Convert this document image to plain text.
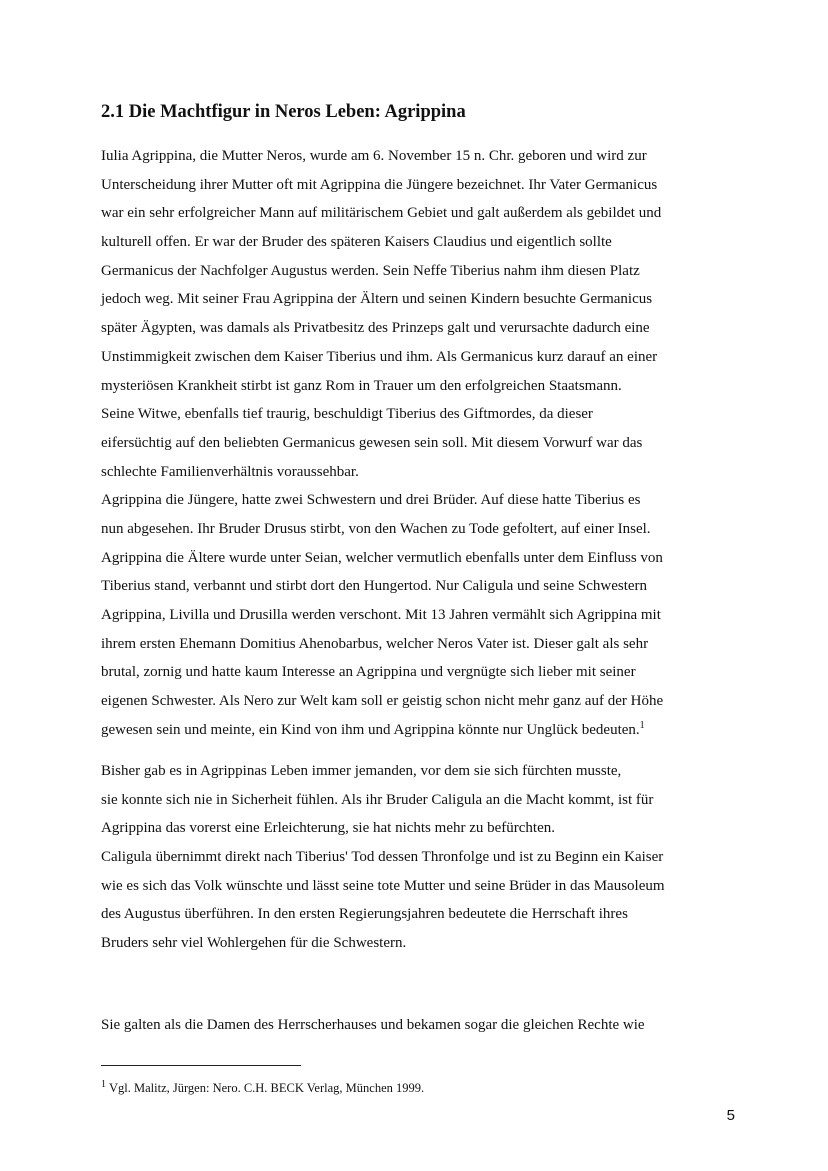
2.1 Die Machtfigur in Neros Leben: Agrippina
Iulia Agrippina, die Mutter Neros, wurde am 6. November 15 n. Chr. geboren und wird zur
Unterscheidung ihrer Mutter oft mit Agrippina die Jüngere bezeichnet. Ihr Vater Germanicus
war ein sehr erfolgreicher Mann auf militärischem Gebiet und galt außerdem als gebildet und
kulturell offen. Er war der Bruder des späteren Kaisers Claudius und eigentlich sollte
Germanicus der Nachfolger Augustus werden. Sein Neffe Tiberius nahm ihm diesen Platz
jedoch weg. Mit seiner Frau Agrippina der Ältern und seinen Kindern besuchte Germanicus
später Ägypten, was damals als Privatbesitz des Prinzeps galt und verursachte dadurch eine
Unstimmigkeit zwischen dem Kaiser Tiberius und ihm. Als Germanicus kurz darauf an einer
mysteriösen Krankheit stirbt ist ganz Rom in Trauer um den erfolgreichen Staatsmann.
Seine Witwe, ebenfalls tief traurig, beschuldigt Tiberius des Giftmordes, da dieser
eifersüchtig auf den beliebten Germanicus gewesen sein soll. Mit diesem Vorwurf war das
schlechte Familienverhältnis voraussehbar.
Agrippina die Jüngere, hatte zwei Schwestern und drei Brüder. Auf diese hatte Tiberius es
nun abgesehen. Ihr Bruder Drusus stirbt, von den Wachen zu Tode gefoltert, auf einer Insel.
Agrippina die Ältere wurde unter Seian, welcher vermutlich ebenfalls unter dem Einfluss von
Tiberius stand, verbannt und stirbt dort den Hungertod. Nur Caligula und seine Schwestern
Agrippina, Livilla und Drusilla werden verschont. Mit 13 Jahren vermählt sich Agrippina mit
ihrem ersten Ehemann Domitius Ahenobarbus, welcher Neros Vater ist. Dieser galt als sehr
brutal, zornig und hatte kaum Interesse an Agrippina und vergnügte sich lieber mit seiner
eigenen Schwester. Als Nero zur Welt kam soll er geistig schon nicht mehr ganz auf der Höhe
gewesen sein und meinte, ein Kind von ihm und Agrippina könnte nur Unglück bedeuten.$^1$
Bisher gab es in Agrippinas Leben immer jemanden, vor dem sie sich fürchten musste,
sie konnte sich nie in Sicherheit fühlen. Als ihr Bruder Caligula an die Macht kommt, ist für
Agrippina das vorerst eine Erleichterung, sie hat nichts mehr zu befürchten.
Caligula übernimmt direkt nach Tiberius' Tod dessen Thronfolge und ist zu Beginn ein Kaiser
wie es sich das Volk wünschte und lässt seine tote Mutter und seine Brüder in das Mausoleum
des Augustus überführen. In den ersten Regierungsjahren bedeutete die Herrschaft ihres
Bruders sehr viel Wohlergehen für die Schwestern.
Sie galten als die Damen des Herrscherhauses und bekamen sogar die gleichen Rechte wie
$^1$ Vgl. Malitz, Jürgen: Nero. C.H. BECK Verlag, München 1999.
5
